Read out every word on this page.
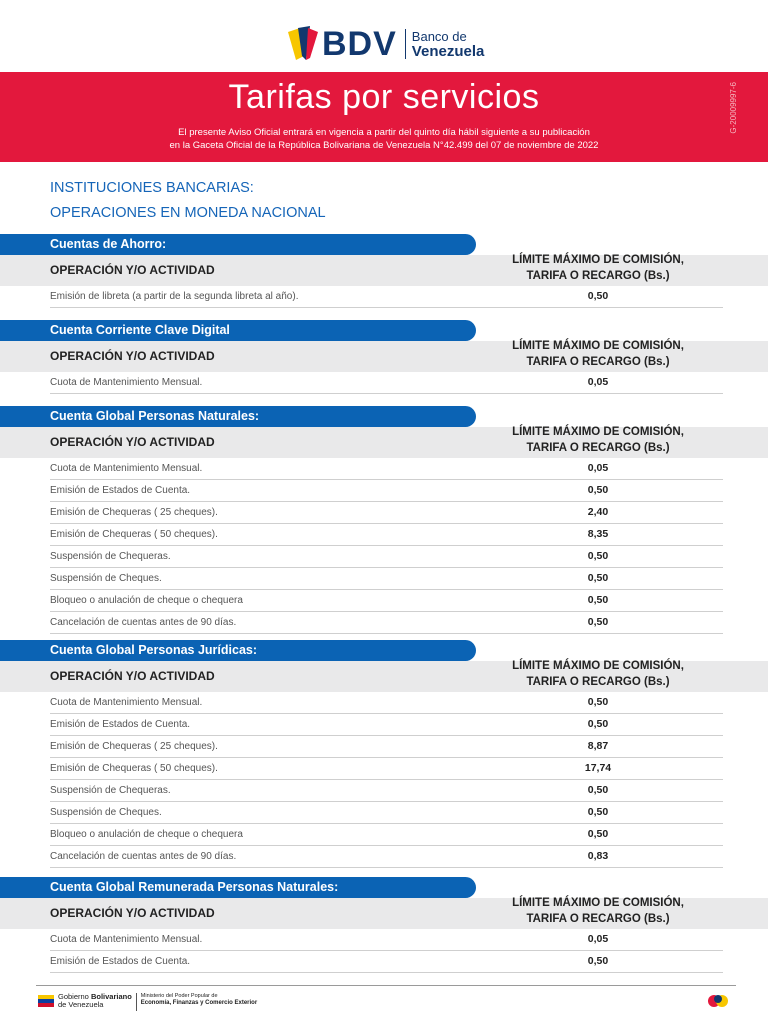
BDV Banco de
Venezuela
Tarifas por servicios
El presente Aviso Oficial entrará en vigencia a partir del quinto día hábil siguiente a su publicación
en la Gaceta Oficial de la República Bolivariana de Venezuela N°42.499 del 07 de noviembre de 2022
G-20009997-6
INSTITUCIONES BANCARIAS:
OPERACIONES EN MONEDA NACIONAL
Cuentas de Ahorro:
OPERACIÓN Y/O ACTIVIDAD
LÍMITE MÁXIMO DE COMISIÓN,
TARIFA O RECARGO (Bs.)
Emisión de libreta (a partir de la segunda libreta al año).	0,50
Cuenta Corriente Clave Digital
OPERACIÓN Y/O ACTIVIDAD
LÍMITE MÁXIMO DE COMISIÓN,
TARIFA O RECARGO (Bs.)
Cuota de Mantenimiento Mensual.	0,05
Cuenta Global Personas Naturales:
OPERACIÓN Y/O ACTIVIDAD
LÍMITE MÁXIMO DE COMISIÓN,
TARIFA O RECARGO (Bs.)
Cuota de Mantenimiento Mensual.	0,05
Emisión de Estados de Cuenta.	0,50
Emisión de Chequeras ( 25 cheques).	2,40
Emisión de Chequeras ( 50 cheques).	8,35
Suspensión de Chequeras.	0,50
Suspensión de Cheques.	0,50
Bloqueo o anulación de cheque o chequera	0,50
Cancelación de cuentas antes de 90 días.	0,50
Cuenta Global Personas Jurídicas:
OPERACIÓN Y/O ACTIVIDAD
LÍMITE MÁXIMO DE COMISIÓN,
TARIFA O RECARGO (Bs.)
Cuota de Mantenimiento Mensual.	0,50
Emisión de Estados de Cuenta.	0,50
Emisión de Chequeras ( 25 cheques).	8,87
Emisión de Chequeras ( 50 cheques).	17,74
Suspensión de Chequeras.	0,50
Suspensión de Cheques.	0,50
Bloqueo o anulación de cheque o chequera	0,50
Cancelación de cuentas antes de 90 días.	0,83
Cuenta Global Remunerada Personas Naturales:
OPERACIÓN Y/O ACTIVIDAD
LÍMITE MÁXIMO DE COMISIÓN,
TARIFA O RECARGO (Bs.)
Cuota de Mantenimiento Mensual.	0,05
Emisión de Estados de Cuenta.	0,50
Gobierno Bolivariano
de Venezuela
Ministerio del Poder Popular de
Economía, Finanzas y Comercio Exterior
